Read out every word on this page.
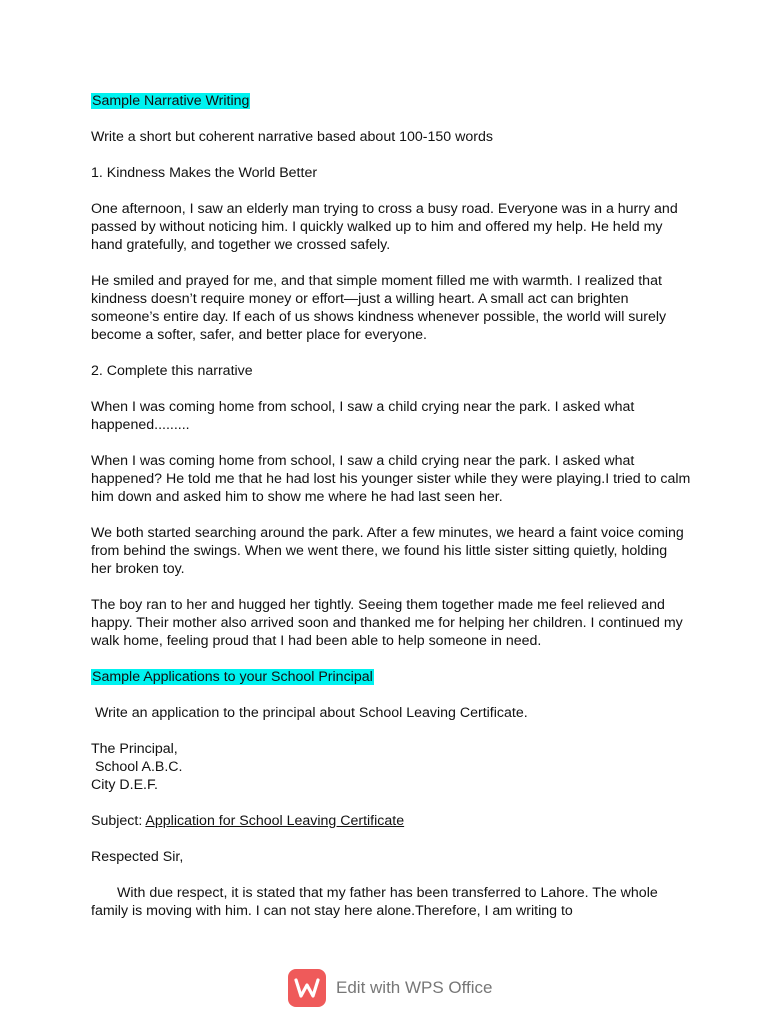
Sample Narrative Writing

Write a short but coherent narrative based about 100-150 words

1. Kindness Makes the World Better

One afternoon, I saw an elderly man trying to cross a busy road. Everyone was in a hurry and passed by without noticing him. I quickly walked up to him and offered my help. He held my hand gratefully, and together we crossed safely.

He smiled and prayed for me, and that simple moment filled me with warmth. I realized that kindness doesn’t require money or effort—just a willing heart. A small act can brighten someone’s entire day. If each of us shows kindness whenever possible, the world will surely become a softer, safer, and better place for everyone.

2. Complete this narrative

When I was coming home from school, I saw a child crying near the park. I asked what happened.........

When I was coming home from school, I saw a child crying near the park. I asked what happened? He told me that he had lost his younger sister while they were playing.I tried to calm him down and asked him to show me where he had last seen her.

We both started searching around the park. After a few minutes, we heard a faint voice coming from behind the swings. When we went there, we found his little sister sitting quietly, holding her broken toy.

The boy ran to her and hugged her tightly. Seeing them together made me feel relieved and happy. Their mother also arrived soon and thanked me for helping her children. I continued my walk home, feeling proud that I had been able to help someone in need.

Sample Applications to your School Principal

Write an application to the principal about School Leaving Certificate.

The Principal,

School A.B.C.

City D.E.F.

Subject: Application for School Leaving Certificate

Respected Sir,

With due respect, it is stated that my father has been transferred to Lahore. The whole family is moving with him. I can not stay here alone.Therefore, I am writing to

Edit with WPS Office
